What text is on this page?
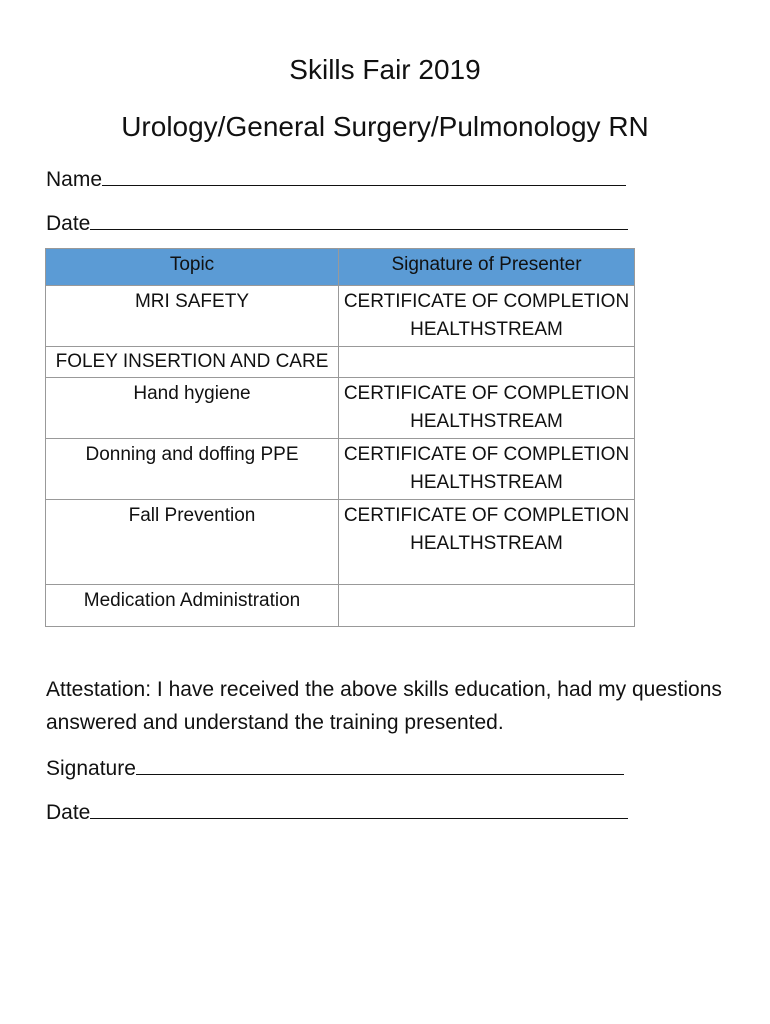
Skills Fair 2019
Urology/General Surgery/Pulmonology RN
Name
Date
Topic	Signature of Presenter
MRI SAFETY	CERTIFICATE OF COMPLETION
HEALTHSTREAM

FOLEY INSERTION AND CARE	
Hand hygiene	CERTIFICATE OF COMPLETION
HEALTHSTREAM

Donning and doffing PPE	CERTIFICATE OF COMPLETION
HEALTHSTREAM

Fall Prevention	CERTIFICATE OF COMPLETION
HEALTHSTREAM

Medication Administration	
Attestation: I have received the above skills education, had my questions answered and understand the training presented.
Signature
Date
